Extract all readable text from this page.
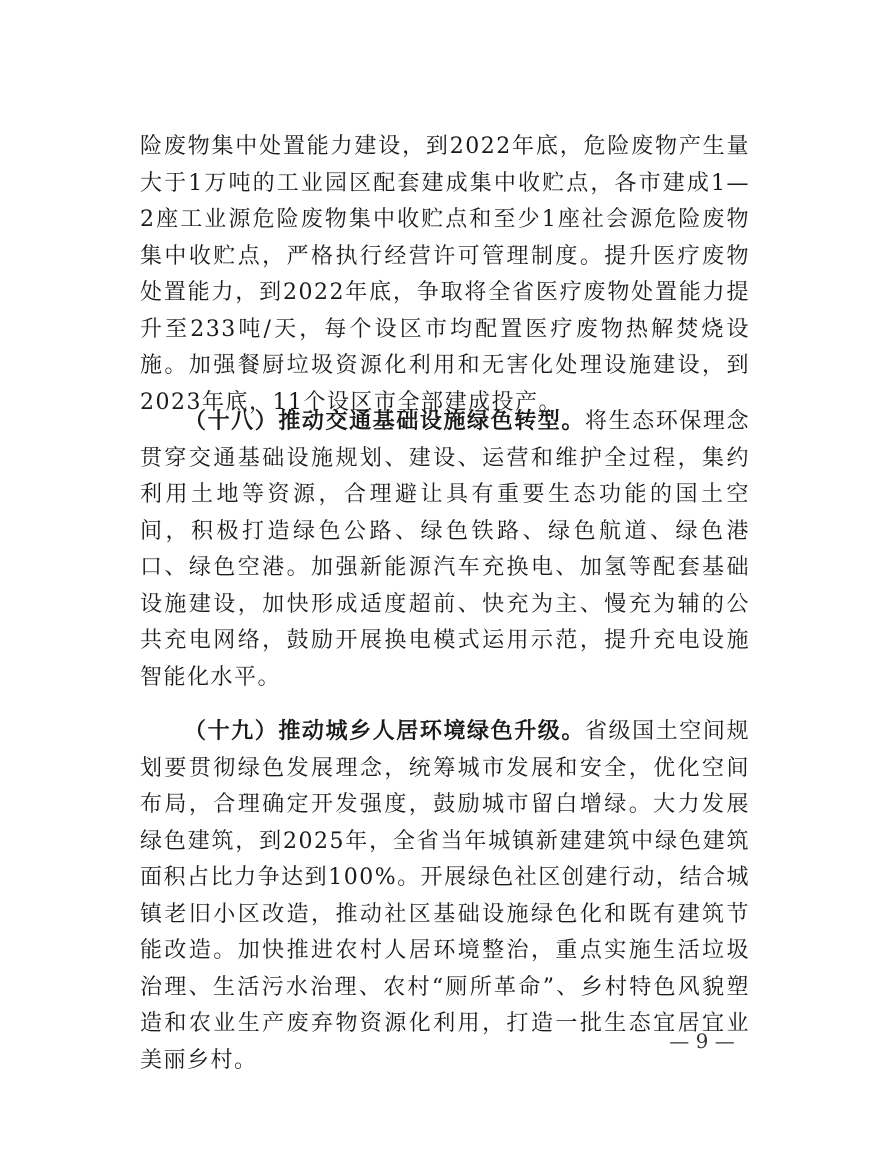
险废物集中处置能力建设，到2022年底，危险废物产生量大于1万吨的工业园区配套建成集中收贮点，各市建成1—2座工业源危险废物集中收贮点和至少1座社会源危险废物集中收贮点，严格执行经营许可管理制度。提升医疗废物处置能力，到2022年底，争取将全省医疗废物处置能力提升至233吨/天，每个设区市均配置医疗废物热解焚烧设施。加强餐厨垃圾资源化利用和无害化处理设施建设，到2023年底，11个设区市全部建成投产。

（十八）推动交通基础设施绿色转型。将生态环保理念贯穿交通基础设施规划、建设、运营和维护全过程，集约利用土地等资源，合理避让具有重要生态功能的国土空间，积极打造绿色公路、绿色铁路、绿色航道、绿色港口、绿色空港。加强新能源汽车充换电、加氢等配套基础设施建设，加快形成适度超前、快充为主、慢充为辅的公共充电网络，鼓励开展换电模式运用示范，提升充电设施智能化水平。

（十九）推动城乡人居环境绿色升级。省级国土空间规划要贯彻绿色发展理念，统筹城市发展和安全，优化空间布局，合理确定开发强度，鼓励城市留白增绿。大力发展绿色建筑，到2025年，全省当年城镇新建建筑中绿色建筑面积占比力争达到100%。开展绿色社区创建行动，结合城镇老旧小区改造，推动社区基础设施绿色化和既有建筑节能改造。加快推进农村人居环境整治，重点实施生活垃圾治理、生活污水治理、农村“厕所革命”、乡村特色风貌塑造和农业生产废弃物资源化利用，打造一批生态宜居宜业美丽乡村。

— 9 —
